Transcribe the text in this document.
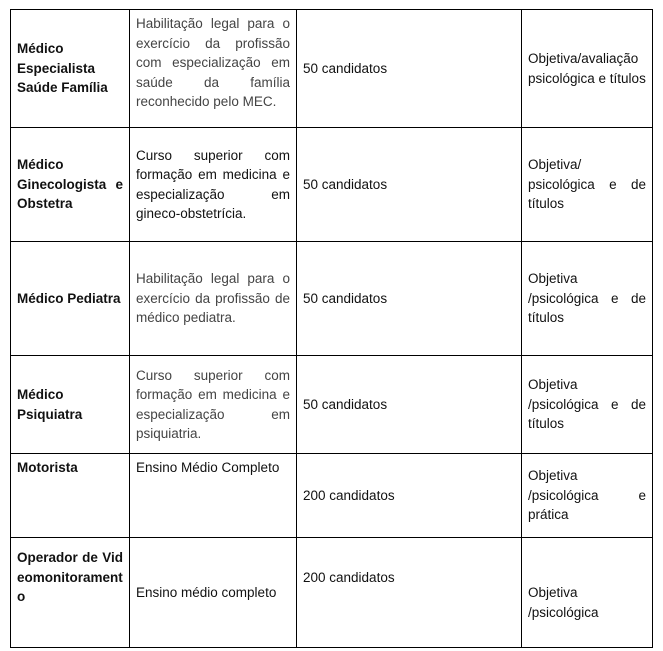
Médico Especialista Saúde Família	Habilitação legal para o exercício da profissão com especialização em saúde da família reconhecido pelo MEC.	50 candidatos	Objetiva/avaliação psicológica e títulos
Médico Ginecologista e Obstetra	Curso superior com formação em medicina e especialização em gineco-obstetrícia.	50 candidatos	Objetiva/ psicológica e de títulos
Médico Pediatra	Habilitação legal para o exercício da profissão de médico pediatra.	50 candidatos	Objetiva /psicológica e de títulos
Médico Psiquiatra	Curso superior com formação em medicina e especialização em psiquiatria.	50 candidatos	Objetiva /psicológica e de títulos
Motorista	Ensino Médio Completo	200 candidatos	Objetiva /psicológica e prática
Operador de Videomonitoramento	Ensino médio completo	200 candidatos	Objetiva /psicológica
